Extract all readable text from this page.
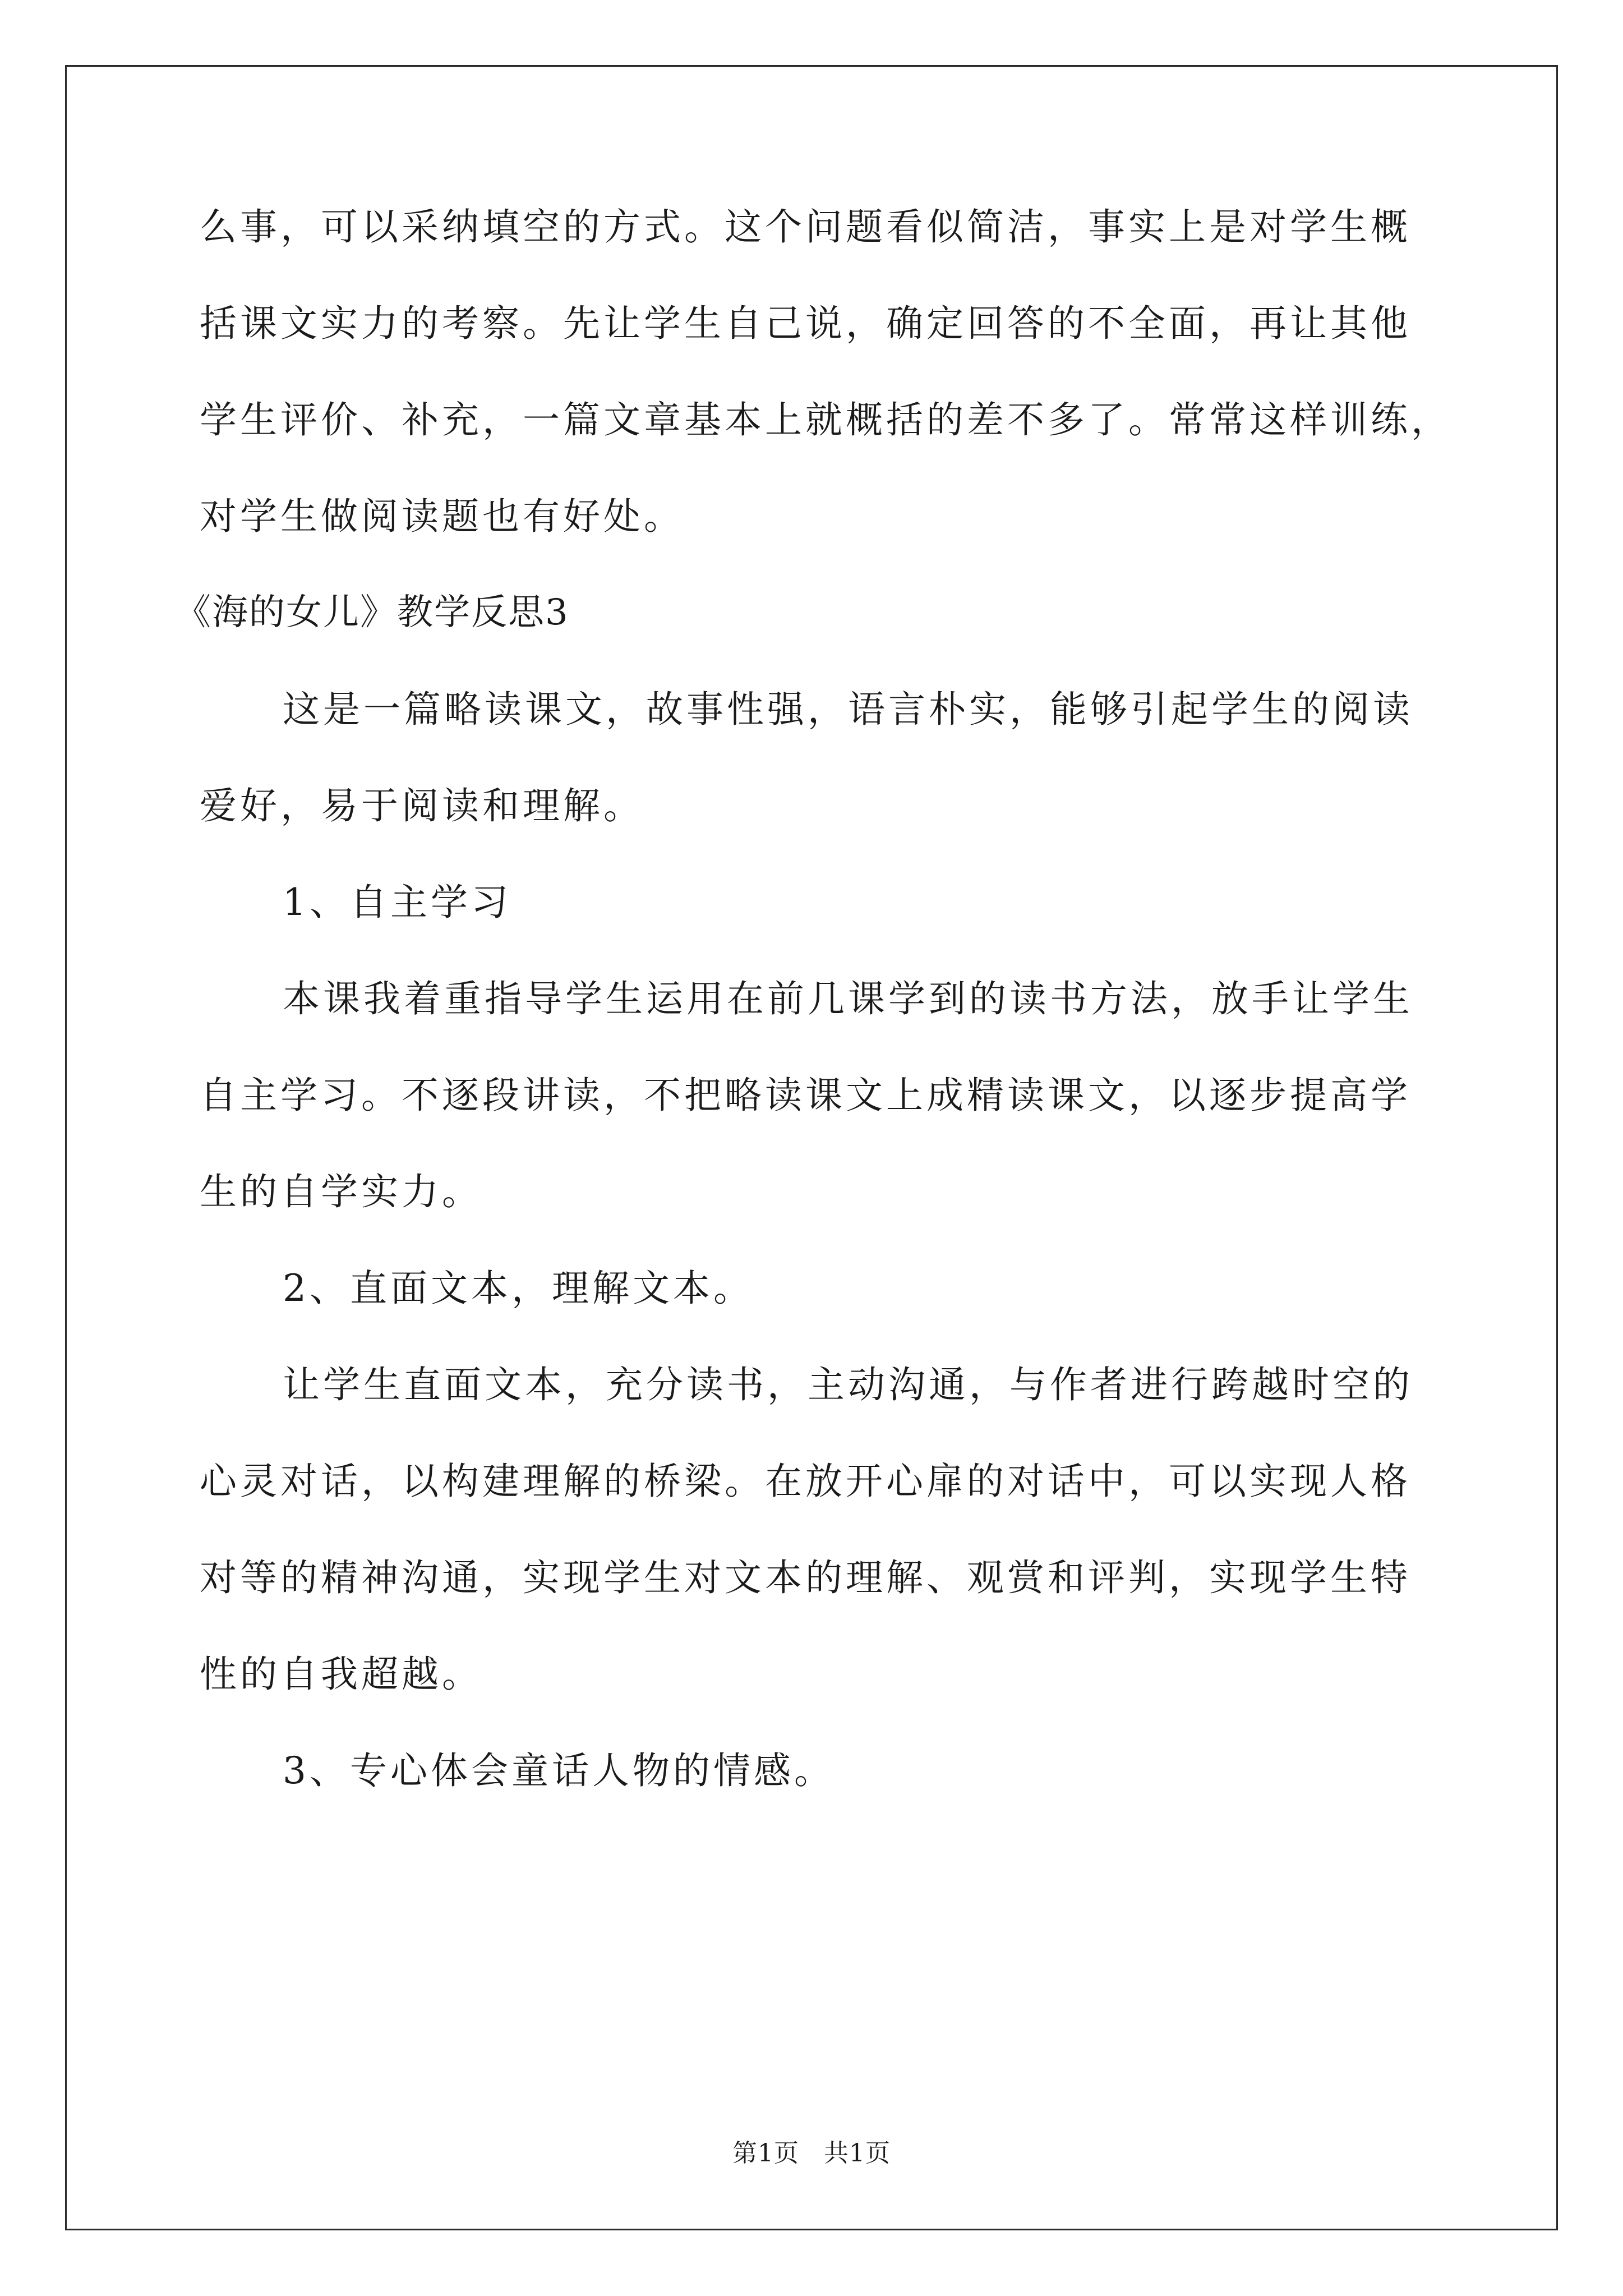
么事，可以采纳填空的方式。这个问题看似简洁，事实上是对学生概
括课文实力的考察。先让学生自己说，确定回答的不全面，再让其他
学生评价、补充，一篇文章基本上就概括的差不多了。常常这样训练，
对学生做阅读题也有好处。
《海的女儿》教学反思3
这是一篇略读课文，故事性强，语言朴实，能够引起学生的阅读
爱好，易于阅读和理解。
1、自主学习
本课我着重指导学生运用在前几课学到的读书方法，放手让学生
自主学习。不逐段讲读，不把略读课文上成精读课文，以逐步提高学
生的自学实力。
2、直面文本，理解文本。
让学生直面文本，充分读书，主动沟通，与作者进行跨越时空的
心灵对话，以构建理解的桥梁。在放开心扉的对话中，可以实现人格
对等的精神沟通，实现学生对文本的理解、观赏和评判，实现学生特
性的自我超越。
3、专心体会童话人物的情感。
第1页 共1页
